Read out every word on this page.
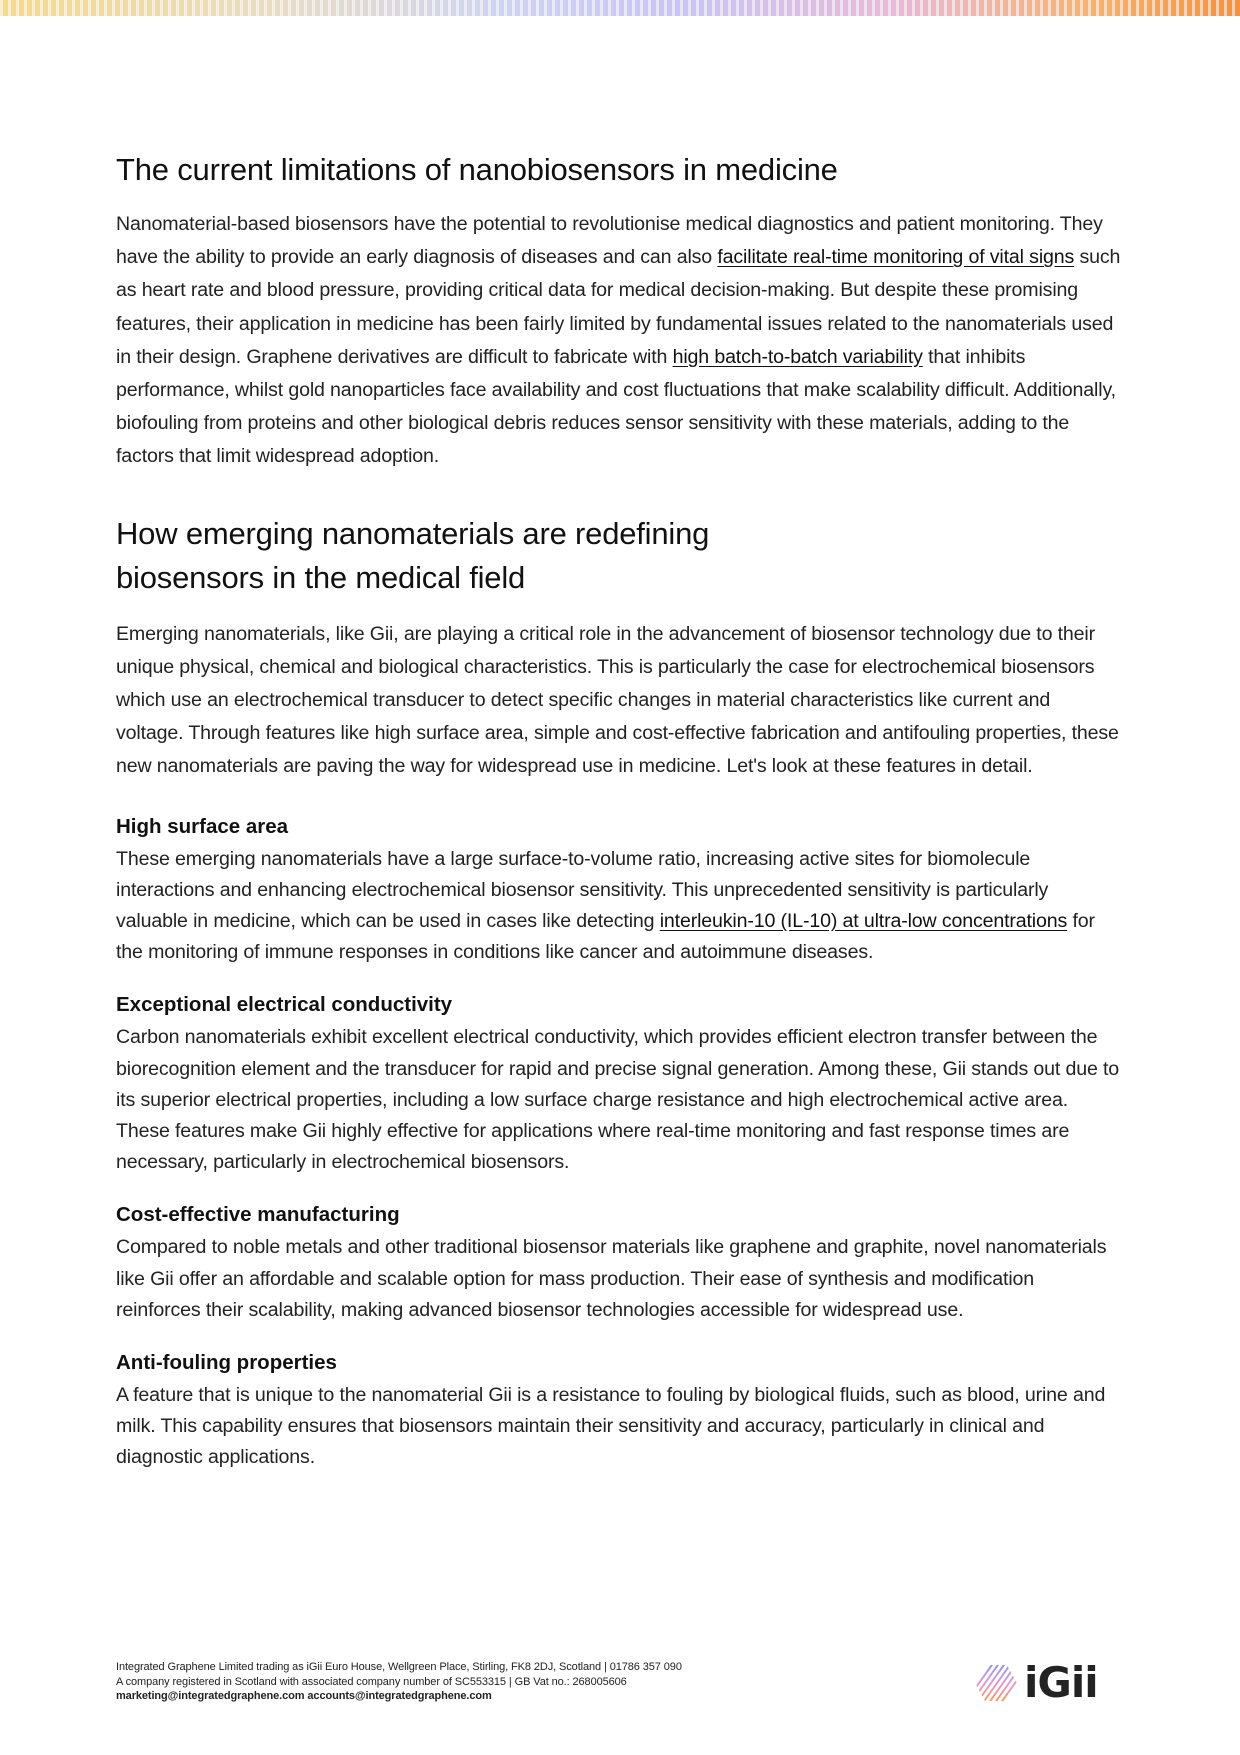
The current limitations of nanobiosensors in medicine

Nanomaterial-based biosensors have the potential to revolutionise medical diagnostics and patient monitoring. They have the ability to provide an early diagnosis of diseases and can also facilitate real-time monitoring of vital signs such as heart rate and blood pressure, providing critical data for medical decision-making. But despite these promising features, their application in medicine has been fairly limited by fundamental issues related to the nanomaterials used in their design. Graphene derivatives are difficult to fabricate with high batch-to-batch variability that inhibits performance, whilst gold nanoparticles face availability and cost fluctuations that make scalability difficult. Additionally, biofouling from proteins and other biological debris reduces sensor sensitivity with these materials, adding to the factors that limit widespread adoption.

How emerging nanomaterials are redefining biosensors in the medical field

Emerging nanomaterials, like Gii, are playing a critical role in the advancement of biosensor technology due to their unique physical, chemical and biological characteristics. This is particularly the case for electrochemical biosensors which use an electrochemical transducer to detect specific changes in material characteristics like current and voltage. Through features like high surface area, simple and cost-effective fabrication and antifouling properties, these new nanomaterials are paving the way for widespread use in medicine. Let's look at these features in detail.

High surface area

These emerging nanomaterials have a large surface-to-volume ratio, increasing active sites for biomolecule interactions and enhancing electrochemical biosensor sensitivity. This unprecedented sensitivity is particularly valuable in medicine, which can be used in cases like detecting interleukin-10 (IL-10) at ultra-low concentrations for the monitoring of immune responses in conditions like cancer and autoimmune diseases.

Exceptional electrical conductivity

Carbon nanomaterials exhibit excellent electrical conductivity, which provides efficient electron transfer between the biorecognition element and the transducer for rapid and precise signal generation. Among these, Gii stands out due to its superior electrical properties, including a low surface charge resistance and high electrochemical active area. These features make Gii highly effective for applications where real-time monitoring and fast response times are necessary, particularly in electrochemical biosensors.

Cost-effective manufacturing

Compared to noble metals and other traditional biosensor materials like graphene and graphite, novel nanomaterials like Gii offer an affordable and scalable option for mass production. Their ease of synthesis and modification reinforces their scalability, making advanced biosensor technologies accessible for widespread use.

Anti-fouling properties

A feature that is unique to the nanomaterial Gii is a resistance to fouling by biological fluids, such as blood, urine and milk. This capability ensures that biosensors maintain their sensitivity and accuracy, particularly in clinical and diagnostic applications.

Integrated Graphene Limited trading as iGii Euro House, Wellgreen Place, Stirling, FK8 2DJ, Scotland | 01786 357 090
A company registered in Scotland with associated company number of SC553315 | GB Vat no.: 268005606
marketing@integratedgraphene.com accounts@integratedgraphene.com	iGii
